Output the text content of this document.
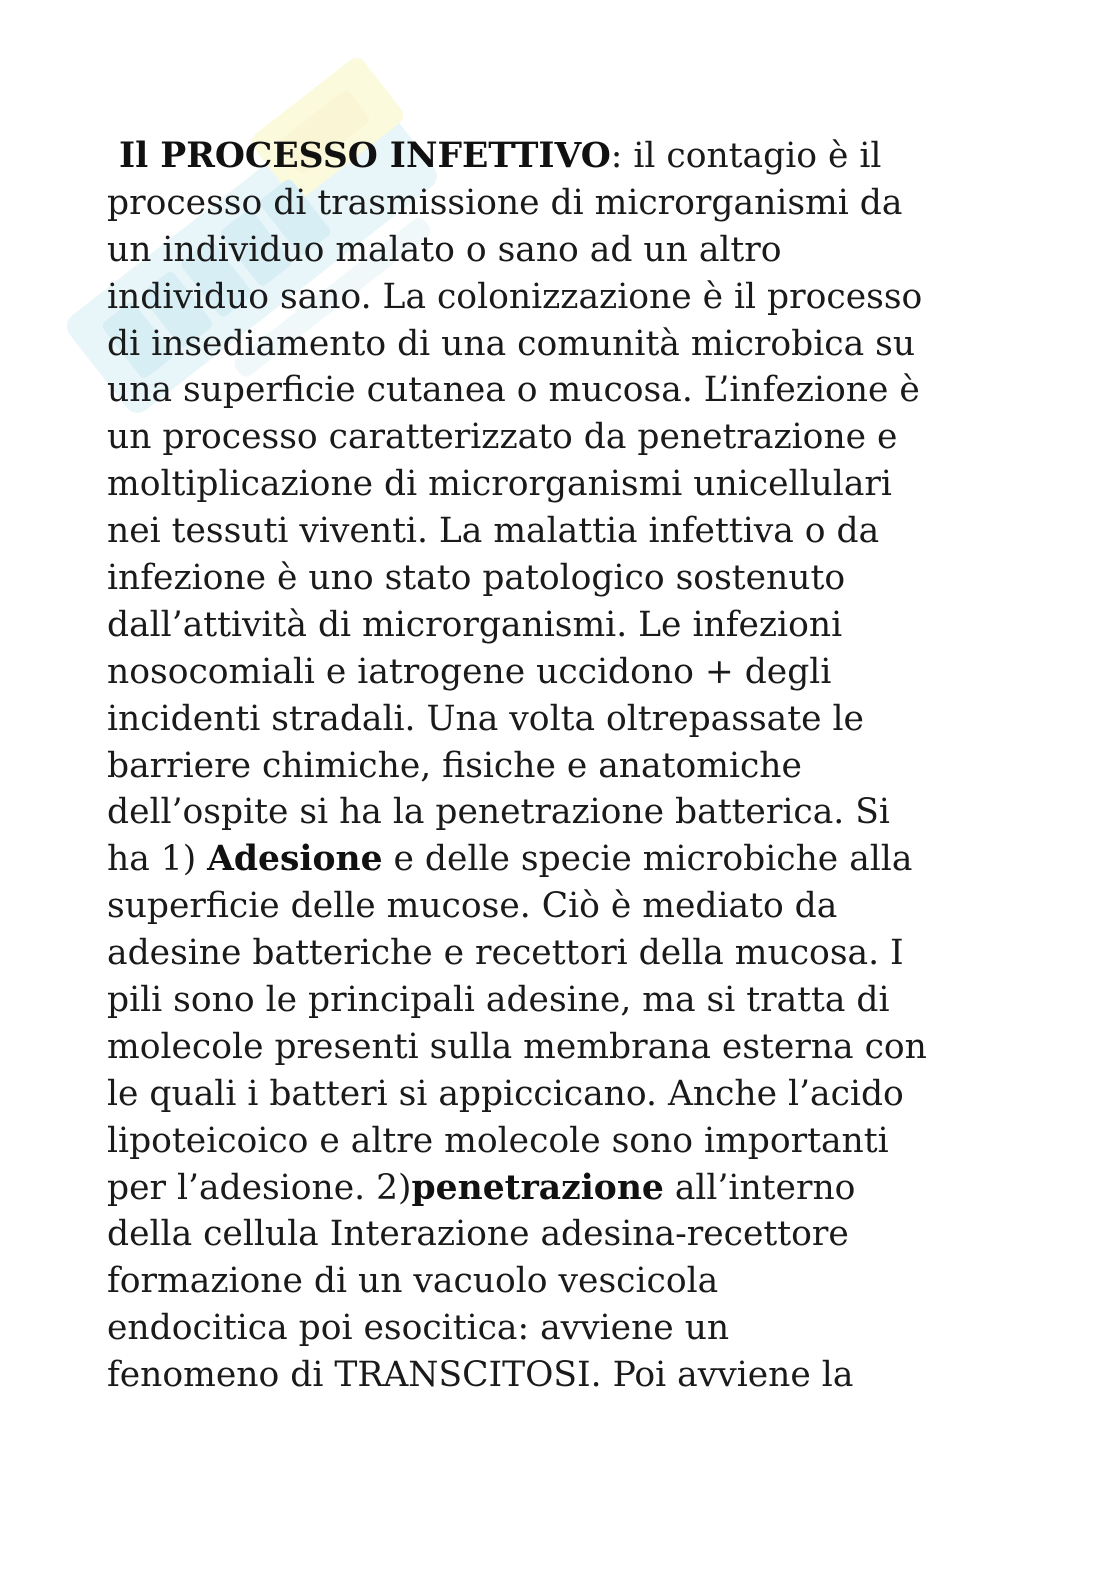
Il PROCESSO INFETTIVO: il contagio è il
processo di trasmissione di microrganismi da
un individuo malato o sano ad un altro
individuo sano. La colonizzazione è il processo
di insediamento di una comunità microbica su
una superficie cutanea o mucosa. L’infezione è
un processo caratterizzato da penetrazione e
moltiplicazione di microrganismi unicellulari
nei tessuti viventi. La malattia infettiva o da
infezione è uno stato patologico sostenuto
dall’attività di microrganismi. Le infezioni
nosocomiali e iatrogene uccidono + degli
incidenti stradali. Una volta oltrepassate le
barriere chimiche, fisiche e anatomiche
dell’ospite si ha la penetrazione batterica. Si
ha 1) Adesione e delle specie microbiche alla
superficie delle mucose. Ciò è mediato da
adesine batteriche e recettori della mucosa. I
pili sono le principali adesine, ma si tratta di
molecole presenti sulla membrana esterna con
le quali i batteri si appiccicano. Anche l’acido
lipoteicoico e altre molecole sono importanti
per l’adesione. 2)penetrazione all’interno
della cellula Interazione adesina-recettore
formazione di un vacuolo vescicola
endocitica poi esocitica: avviene un
fenomeno di TRANSCITOSI. Poi avviene la
